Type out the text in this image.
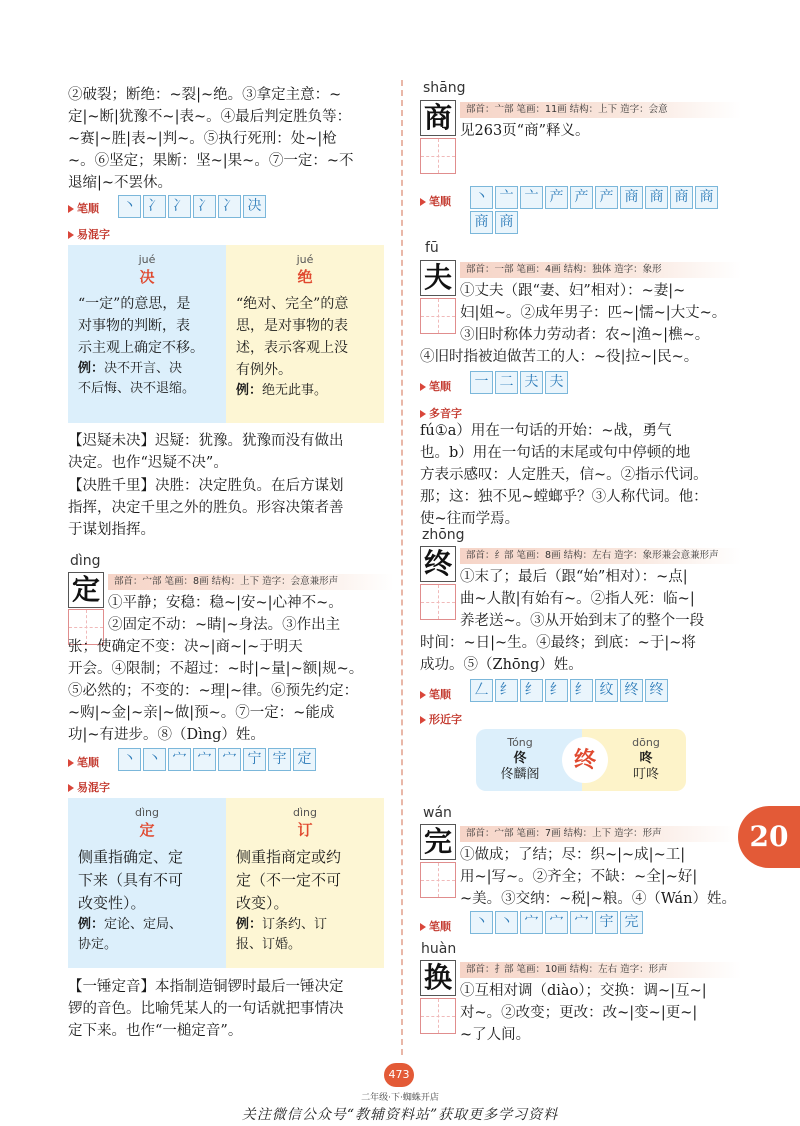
②破裂；断绝：~裂|~绝。③拿定主意：~
定|~断|犹豫不~|表~。④最后判定胜负等：
~赛|~胜|表~|判~。⑤执行死刑：处~|枪
~。⑥坚定；果断：坚~|果~。⑦一定：~不
退缩|~不罢休。
笔顺	丶 冫 冫 冫 冫 决
易混字
jué
决
“一定”的意思，是
对事物的判断，表
示主观上确定不移。
例：决不开言、决
不后悔、决不退缩。
jué
绝
“绝对、完全”的意
思，是对事物的表
述，表示客观上没
有例外。
例：绝无此事。
【迟疑未决】迟疑：犹豫。犹豫而没有做出
决定。也作“迟疑不决”。
【决胜千里】决胜：决定胜负。在后方谋划
指挥，决定千里之外的胜负。形容决策者善
于谋划指挥。
dìng
定	部首：宀部 笔画：8画 结构：上下 造字：会意兼形声
①平静；安稳：稳~|安~|心神不~。
②固定不动：~睛|~身法。③作出主
张；使确定不变：决~|商~|~于明天
开会。④限制；不超过：~时|~量|~额|规~。
⑤必然的；不变的：~理|~律。⑥预先约定：
~购|~金|~亲|~做|预~。⑦一定：~能成
功|~有进步。⑧（Dìng）姓。
笔顺	丶 丶 宀 宀 宀 宁 宇 定
易混字
dìng
定
侧重指确定、定
下来（具有不可
改变性）。
例：定论、定局、
协定。
dìng
订
侧重指商定或约
定（不一定不可
改变）。
例：订条约、订
报、订婚。
【一锤定音】本指制造铜锣时最后一锤决定
锣的音色。比喻凭某人的一句话就把事情决
定下来。也作“一槌定音”。
shāng
商	部首：亠部 笔画：11画 结构：上下 造字：会意
见263页“商”释义。
笔顺	丶 亠 亠 产 产 产 商 商 商 商
商 商
fū
夫	部首：一部 笔画：4画 结构：独体 造字：象形
①丈夫（跟“妻、妇”相对）：~妻|~
妇|姐~。②成年男子：匹~|懦~|大丈~。
③旧时称体力劳动者：农~|渔~|樵~。
④旧时指被迫做苦工的人：~役|拉~|民~。
笔顺	一 二 夫 夫
多音字
fú①a）用在一句话的开始：~战，勇气
也。b）用在一句话的末尾或句中停顿的地
方表示感叹：人定胜天，信~。②指示代词。
那；这：独不见~螳螂乎？③人称代词。他：
使~往而学焉。
zhōng
终	部首：纟部 笔画：8画 结构：左右 造字：象形兼会意兼形声
①末了；最后（跟“始”相对）：~点|
曲~人散|有始有~。②指人死：临~|
养老送~。③从开始到末了的整个一段
时间：~日|~生。④最终；到底：~于|~将
成功。⑤（Zhōng）姓。
笔顺	𠃋 纟 纟 纟 纟 纹 终 终
形近字
Tóng
佟
佟麟阁
终
dōng
咚
叮咚
wán
完	部首：宀部 笔画：7画 结构：上下 造字：形声
①做成；了结；尽：织~|~成|~工|
用~|写~。②齐全；不缺：~全|~好|
~美。③交纳：~税|~粮。④（Wán）姓。
笔顺	丶 丶 宀 宀 宀 宇 完
huàn
换	部首：扌部 笔画：10画 结构：左右 造字：形声
①互相对调（diào）；交换：调~|互~|
对~。②改变；更改：改~|变~|更~|
~了人间。
20
473
二年级·下·蜘蛛开店
关注微信公众号“教辅资料站”获取更多学习资料
